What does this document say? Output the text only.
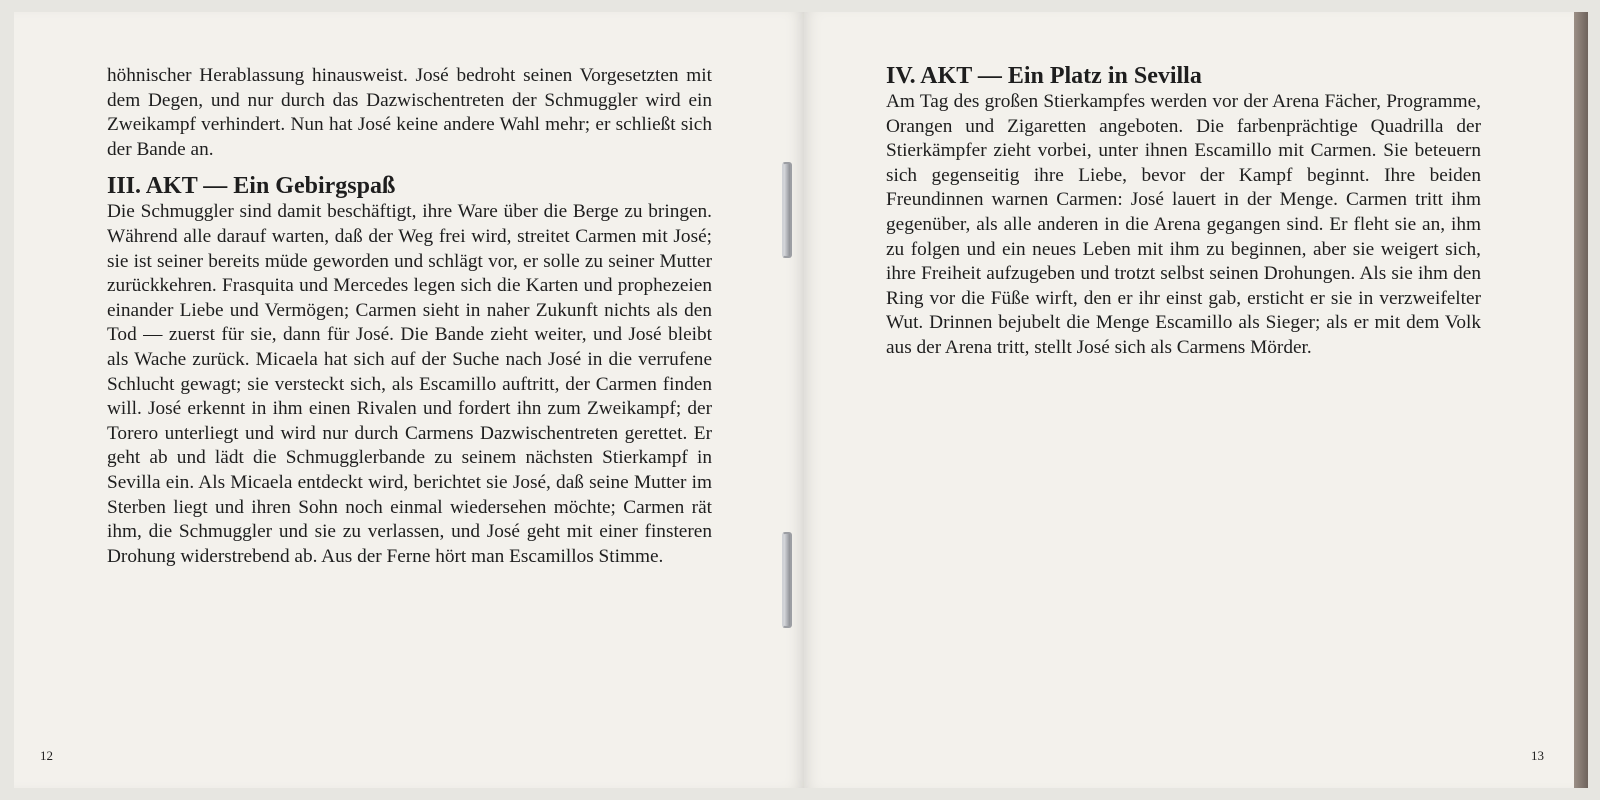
höhnischer Herablassung hinausweist. José bedroht seinen Vorgesetzten mit dem Degen, und nur durch das Dazwischentreten der Schmuggler wird ein Zweikampf verhindert. Nun hat José keine andere Wahl mehr; er schließt sich der Bande an.

III. AKT — Ein Gebirgspaß

Die Schmuggler sind damit beschäftigt, ihre Ware über die Berge zu bringen. Während alle darauf warten, daß der Weg frei wird, streitet Carmen mit José; sie ist seiner bereits müde geworden und schlägt vor, er solle zu seiner Mutter zurückkehren. Frasquita und Mercedes legen sich die Karten und prophezeien einander Liebe und Vermögen; Carmen sieht in naher Zukunft nichts als den Tod — zuerst für sie, dann für José. Die Bande zieht weiter, und José bleibt als Wache zurück. Micaela hat sich auf der Suche nach José in die verrufene Schlucht gewagt; sie versteckt sich, als Escamillo auftritt, der Carmen finden will. José erkennt in ihm einen Rivalen und fordert ihn zum Zweikampf; der Torero unterliegt und wird nur durch Carmens Dazwischentreten gerettet. Er geht ab und lädt die Schmugglerbande zu seinem nächsten Stierkampf in Sevilla ein. Als Micaela entdeckt wird, berichtet sie José, daß seine Mutter im Sterben liegt und ihren Sohn noch einmal wiedersehen möchte; Carmen rät ihm, die Schmuggler und sie zu verlassen, und José geht mit einer finsteren Drohung widerstrebend ab. Aus der Ferne hört man Escamillos Stimme.

12
IV. AKT — Ein Platz in Sevilla

Am Tag des großen Stierkampfes werden vor der Arena Fächer, Programme, Orangen und Zigaretten angeboten. Die farbenprächtige Quadrilla der Stierkämpfer zieht vorbei, unter ihnen Escamillo mit Carmen. Sie beteuern sich gegenseitig ihre Liebe, bevor der Kampf beginnt. Ihre beiden Freundinnen warnen Carmen: José lauert in der Menge. Carmen tritt ihm gegenüber, als alle anderen in die Arena gegangen sind. Er fleht sie an, ihm zu folgen und ein neues Leben mit ihm zu beginnen, aber sie weigert sich, ihre Freiheit aufzugeben und trotzt selbst seinen Drohungen. Als sie ihm den Ring vor die Füße wirft, den er ihr einst gab, ersticht er sie in verzweifelter Wut. Drinnen bejubelt die Menge Escamillo als Sieger; als er mit dem Volk aus der Arena tritt, stellt José sich als Carmens Mörder.

13
